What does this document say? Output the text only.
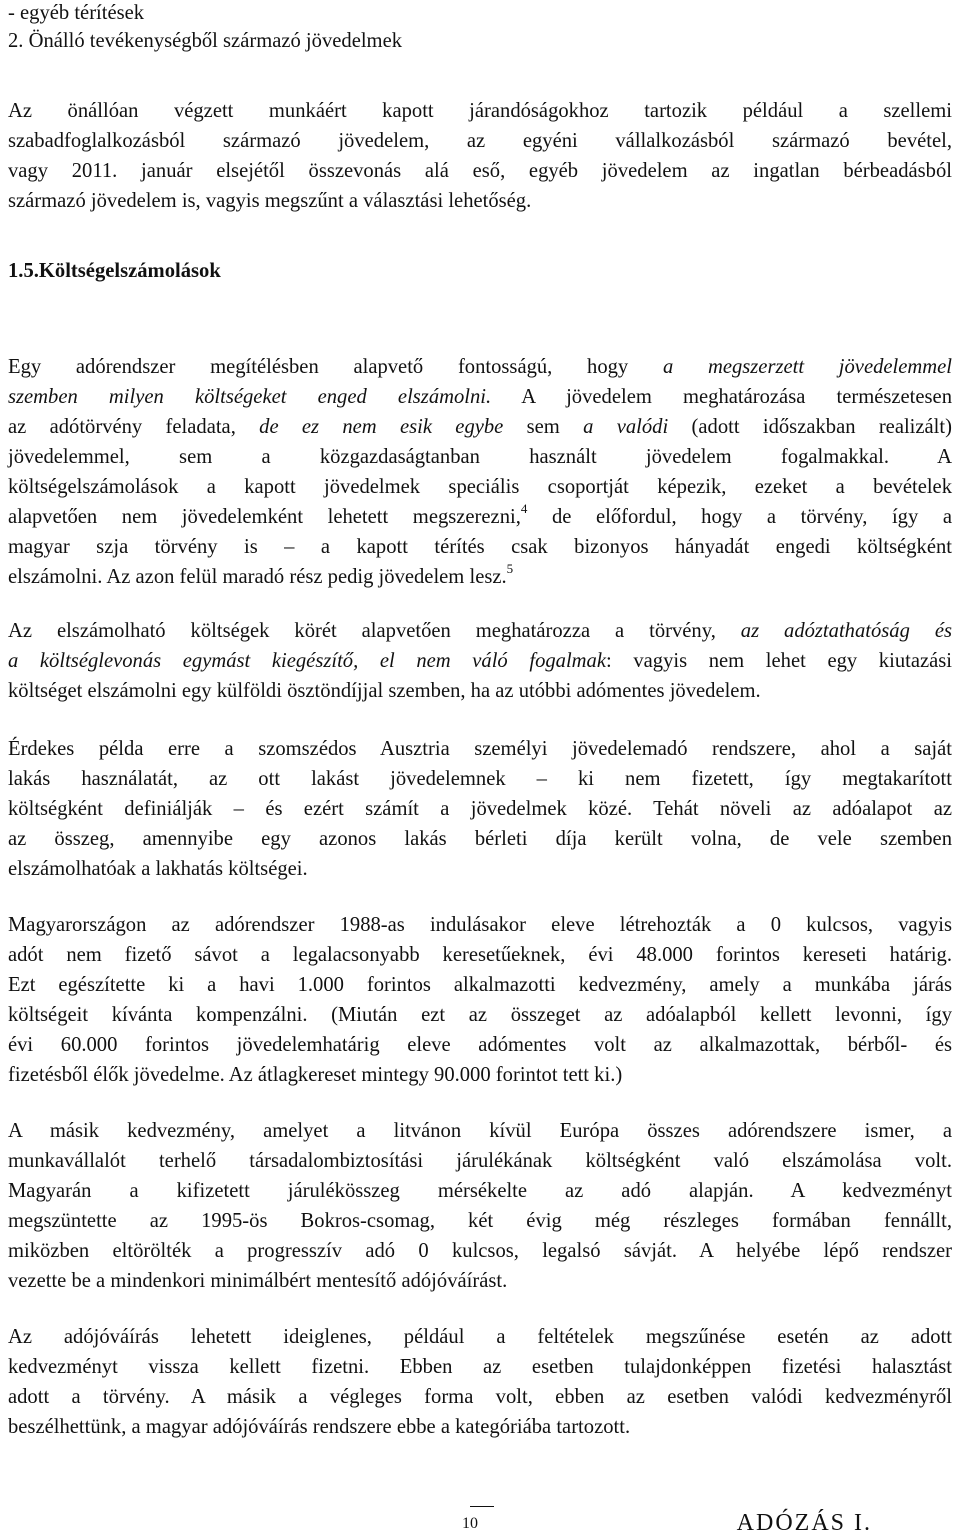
- egyéb térítések
2. Önálló tevékenységből származó jövedelmek
Az önállóan végzett munkáért kapott járandóságokhoz tartozik például a szellemi
szabadfoglalkozásból származó jövedelem, az egyéni vállalkozásból származó bevétel,
vagy 2011. január elsejétől összevonás alá eső, egyéb jövedelem az ingatlan bérbeadásból
származó jövedelem is, vagyis megszűnt a választási lehetőség.
1.5.Költségelszámolások
Egy adórendszer megítélésben alapvető fontosságú, hogy a megszerzett jövedelemmel
szemben milyen költségeket enged elszámolni. A jövedelem meghatározása természetesen
az adótörvény feladata, de ez nem esik egybe sem a valódi (adott időszakban realizált)
jövedelemmel, sem a közgazdaságtanban használt jövedelem fogalmakkal. A
költségelszámolások a kapott jövedelmek speciális csoportját képezik, ezeket a bevételek
alapvetően nem jövedelemként lehetett megszerezni,$^4$ de előfordul, hogy a törvény, így a
magyar szja törvény is – a kapott térítés csak bizonyos hányadát engedi költségként
elszámolni. Az azon felül maradó rész pedig jövedelem lesz.$^5$
Az elszámolható költségek körét alapvetően meghatározza a törvény, az adóztathatóság és
a költséglevonás egymást kiegészítő, el nem váló fogalmak: vagyis nem lehet egy kiutazási
költséget elszámolni egy külföldi ösztöndíjjal szemben, ha az utóbbi adómentes jövedelem.
Érdekes példa erre a szomszédos Ausztria személyi jövedelemadó rendszere, ahol a saját
lakás használatát, az ott lakást jövedelemnek – ki nem fizetett, így megtakarított
költségként definiálják – és ezért számít a jövedelmek közé. Tehát növeli az adóalapot az
az összeg, amennyibe egy azonos lakás bérleti díja került volna, de vele szemben
elszámolhatóak a lakhatás költségei.
Magyarországon az adórendszer 1988-as indulásakor eleve létrehozták a 0 kulcsos, vagyis
adót nem fizető sávot a legalacsonyabb keresetűeknek, évi 48.000 forintos kereseti határig.
Ezt egészítette ki a havi 1.000 forintos alkalmazotti kedvezmény, amely a munkába járás
költségeit kívánta kompenzálni. (Miután ezt az összeget az adóalapból kellett levonni, így
évi 60.000 forintos jövedelemhatárig eleve adómentes volt az alkalmazottak, bérből- és
fizetésből élők jövedelme. Az átlagkereset mintegy 90.000 forintot tett ki.)
A másik kedvezmény, amelyet a litvánon kívül Európa összes adórendszere ismer, a
munkavállalót terhelő társadalombiztosítási járulékának költségként való elszámolása volt.
Magyarán a kifizetett járulékösszeg mérsékelte az adó alapján. A kedvezményt
megszüntette az 1995-ös Bokros-csomag, két évig még részleges formában fennállt,
miközben eltörölték a progresszív adó 0 kulcsos, legalsó sávját. A helyébe lépő rendszer
vezette be a mindenkori minimálbért mentesítő adójóváírást.
Az adójóváírás lehetett ideiglenes, például a feltételek megszűnése esetén az adott
kedvezményt vissza kellett fizetni. Ebben az esetben tulajdonképpen fizetési halasztást
adott a törvény. A másik a végleges forma volt, ebben az esetben valódi kedvezményről
beszélhettünk, a magyar adójóváírás rendszere ebbe a kategóriába tartozott.
10	ADÓZÁS I.
